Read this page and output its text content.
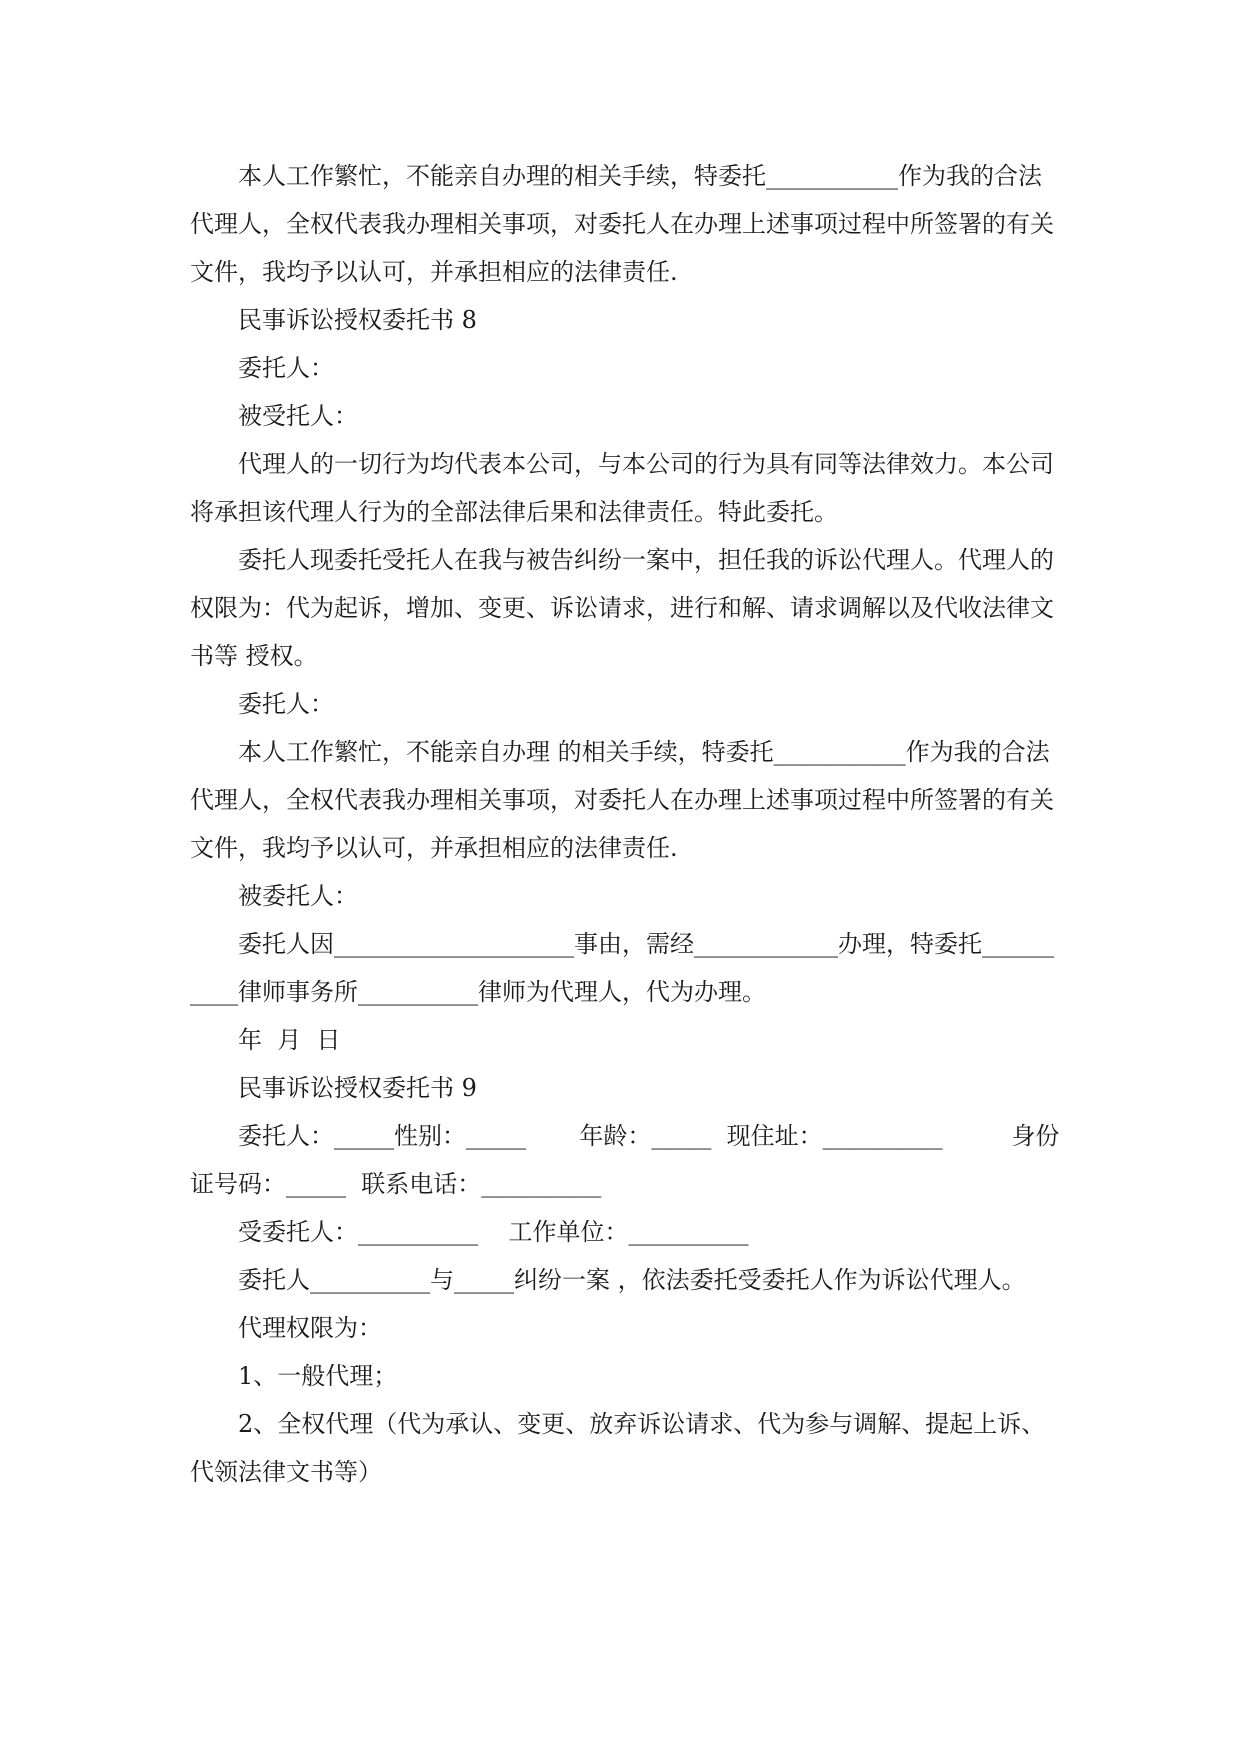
本人工作繁忙，不能亲自办理的相关手续，特委托___________作为我的合法代理人，全权代表我办理相关事项，对委托人在办理上述事项过程中所签署的有关文件，我均予以认可，并承担相应的法律责任.

民事诉讼授权委托书 8

委托人：

被受托人：

代理人的一切行为均代表本公司，与本公司的行为具有同等法律效力。本公司将承担该代理人行为的全部法律后果和法律责任。特此委托。

委托人现委托受托人在我与被告纠纷一案中，担任我的诉讼代理人。代理人的权限为：代为起诉，增加、变更、诉讼请求，进行和解、请求调解以及代收法律文书等 授权。

委托人：

本人工作繁忙，不能亲自办理 的相关手续，特委托___________作为我的合法代理人，全权代表我办理相关事项，对委托人在办理上述事项过程中所签署的有关文件，我均予以认可，并承担相应的法律责任.

被委托人：

委托人因____________________事由，需经____________办理，特委托__________律师事务所__________律师为代理人，代为办理。

年  月  日

民事诉讼授权委托书 9

委托人：_____性别：_____       年龄：_____  现住址：__________         身份证号码：_____  联系电话：__________

受委托人：__________    工作单位：__________

委托人__________与_____纠纷一案 ，依法委托受委托人作为诉讼代理人。

代理权限为：

1、一般代理；

2、全权代理（代为承认、变更、放弃诉讼请求、代为参与调解、提起上诉、代领法律文书等）
